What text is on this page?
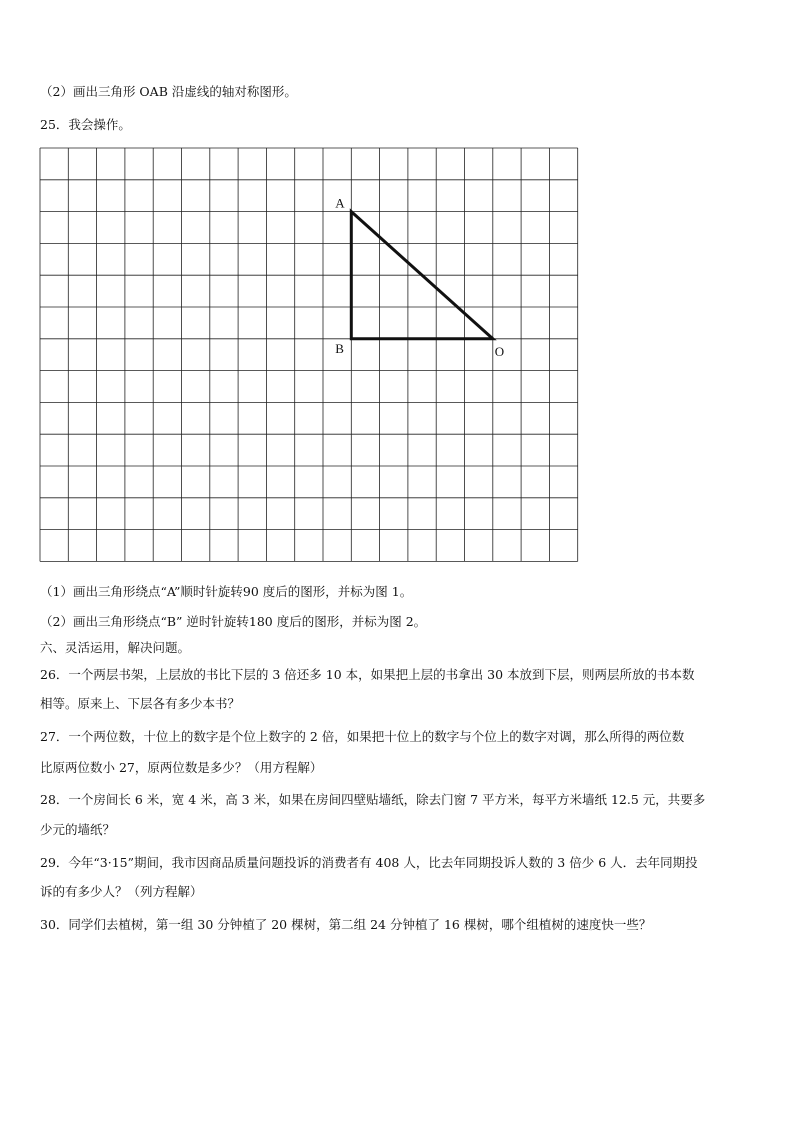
（2）画出三角形 OAB 沿虚线的轴对称图形。
25．我会操作。
A
B	O
（1）画出三角形绕点“A”顺时针旋转90 度后的图形，并标为图 1。
（2）画出三角形绕点“B” 逆时针旋转180 度后的图形，并标为图 2。
六、灵活运用，解决问题。
26．一个两层书架，上层放的书比下层的 3 倍还多 10 本，如果把上层的书拿出 30 本放到下层，则两层所放的书本数
相等。原来上、下层各有多少本书？
27．一个两位数，十位上的数字是个位上数字的 2 倍，如果把十位上的数字与个位上的数字对调，那么所得的两位数
比原两位数小 27，原两位数是多少？（用方程解）
28．一个房间长 6 米，宽 4 米，高 3 米，如果在房间四壁贴墙纸，除去门窗 7 平方米，每平方米墙纸 12.5 元，共要多
少元的墙纸？
29．今年“3·15”期间，我市因商品质量问题投诉的消费者有 408 人，比去年同期投诉人数的 3 倍少 6 人．去年同期投
诉的有多少人？（列方程解）
30．同学们去植树，第一组 30 分钟植了 20 棵树，第二组 24 分钟植了 16 棵树，哪个组植树的速度快一些？
